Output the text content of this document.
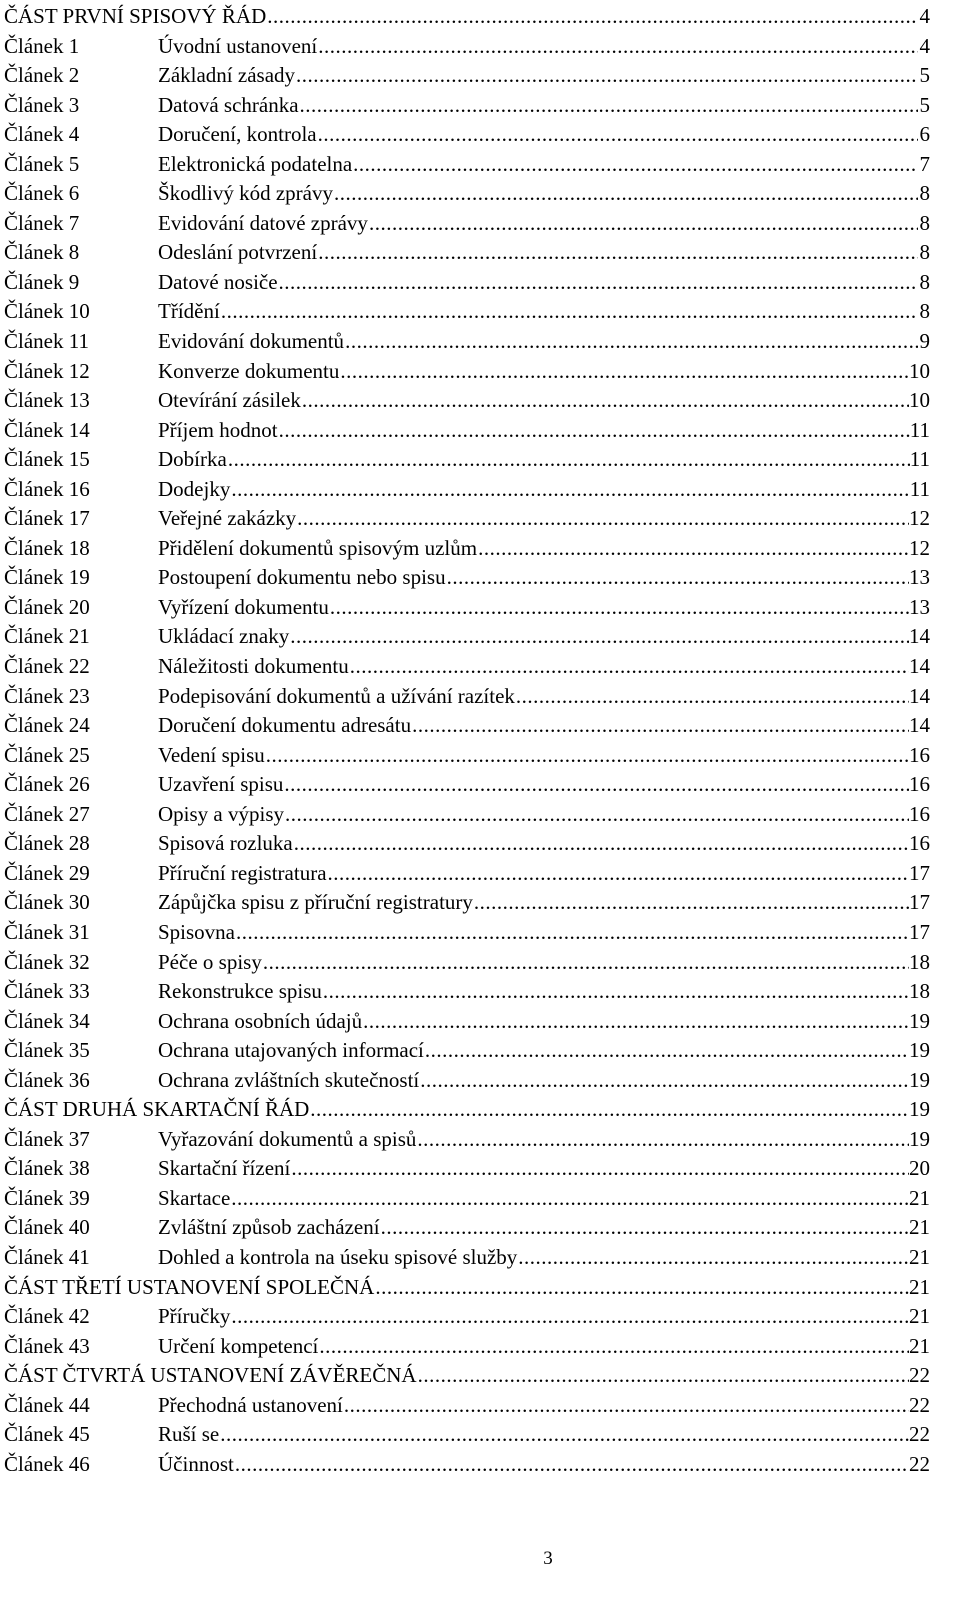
ČÁST PRVNÍ SPISOVÝ ŘÁD .....	4
Článek 1	Úvodní ustanovení .....	4
Článek 2	Základní zásady .....	5
Článek 3	Datová schránka .....	5
Článek 4	Doručení, kontrola .....	6
Článek 5	Elektronická podatelna .....	7
Článek 6	Škodlivý kód zprávy .....	8
Článek 7	Evidování datové zprávy .....	8
Článek 8	Odeslání potvrzení .....	8
Článek 9	Datové nosiče .....	8
Článek 10	Třídění .....	8
Článek 11	Evidování dokumentů .....	9
Článek 12	Konverze dokumentu .....	10
Článek 13	Otevírání zásilek .....	10
Článek 14	Příjem hodnot .....	11
Článek 15	Dobírka .....	11
Článek 16	Dodejky .....	11
Článek 17	Veřejné zakázky .....	12
Článek 18	Přidělení dokumentů spisovým uzlům .....	12
Článek 19	Postoupení dokumentu nebo spisu .....	13
Článek 20	Vyřízení dokumentu .....	13
Článek 21	Ukládací znaky .....	14
Článek 22	Náležitosti dokumentu .....	14
Článek 23	Podepisování dokumentů a užívání razítek .....	14
Článek 24	Doručení dokumentu adresátu .....	14
Článek 25	Vedení spisu .....	16
Článek 26	Uzavření spisu .....	16
Článek 27	Opisy a výpisy .....	16
Článek 28	Spisová rozluka .....	16
Článek 29	Příruční registratura .....	17
Článek 30	Zápůjčka spisu z příruční registratury .....	17
Článek 31	Spisovna .....	17
Článek 32	Péče o spisy .....	18
Článek 33	Rekonstrukce spisu .....	18
Článek 34	Ochrana osobních údajů .....	19
Článek 35	Ochrana utajovaných informací .....	19
Článek 36	Ochrana zvláštních skutečností .....	19
ČÁST DRUHÁ SKARTAČNÍ ŘÁD .....	19
Článek 37	Vyřazování dokumentů a spisů .....	19
Článek 38	Skartační řízení .....	20
Článek 39	Skartace .....	21
Článek 40	Zvláštní způsob zacházení .....	21
Článek 41	Dohled a kontrola na úseku spisové služby .....	21
ČÁST TŘETÍ USTANOVENÍ SPOLEČNÁ .....	21
Článek 42	Příručky .....	21
Článek 43	Určení kompetencí .....	21
ČÁST ČTVRTÁ USTANOVENÍ ZÁVĚREČNÁ .....	22
Článek 44	Přechodná ustanovení .....	22
Článek 45	Ruší se .....	22
Článek 46	Účinnost .....	22
3
